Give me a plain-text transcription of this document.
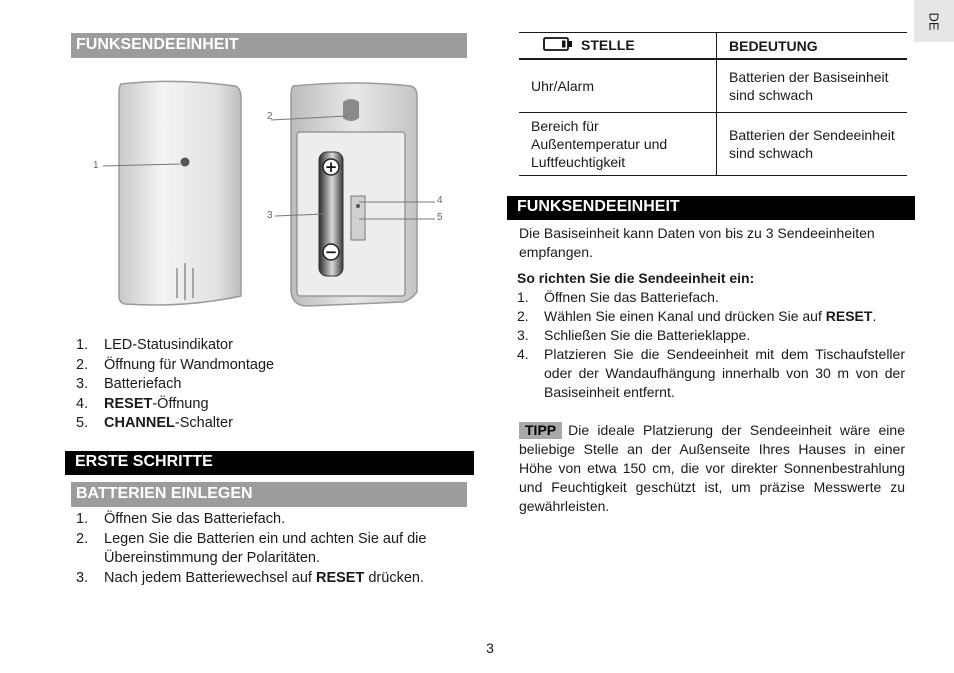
DE
FUNKSENDEEINHEIT
+
−
1
2
3
4
5
1. LED-Statusindikator
2. Öffnung für Wandmontage
3. Batteriefach
4. RESET-Öffnung
5. CHANNEL-Schalter
ERSTE SCHRITTE
BATTERIEN EINLEGEN
1. Öffnen Sie das Batteriefach.
2. Legen Sie die Batterien ein und achten Sie auf die Übereinstimmung der Polaritäten.
3. Nach jedem Batteriewechsel auf RESET drücken.
STELLE	BEDEUTUNG
Uhr/Alarm	Batterien der Basiseinheit sind schwach
Bereich für Außentemperatur und Luftfeuchtigkeit	Batterien der Sendeeinheit sind schwach
FUNKSENDEEINHEIT
Die Basiseinheit kann Daten von bis zu 3 Sendeeinheiten empfangen.
So richten Sie die Sendeeinheit ein:
1. Öffnen Sie das Batteriefach.
2. Wählen Sie einen Kanal und drücken Sie auf RESET.
3. Schließen Sie die Batterieklappe.
4. Platzieren Sie die Sendeeinheit mit dem Tischaufsteller oder der Wandaufhängung innerhalb von 30 m von der Basiseinheit entfernt.
TIPP Die ideale Platzierung der Sendeeinheit wäre eine beliebige Stelle an der Außenseite Ihres Hauses in einer Höhe von etwa 150 cm, die vor direkter Sonnenbestrahlung und Feuchtigkeit geschützt ist, um präzise Messwerte zu gewährleisten.
3
